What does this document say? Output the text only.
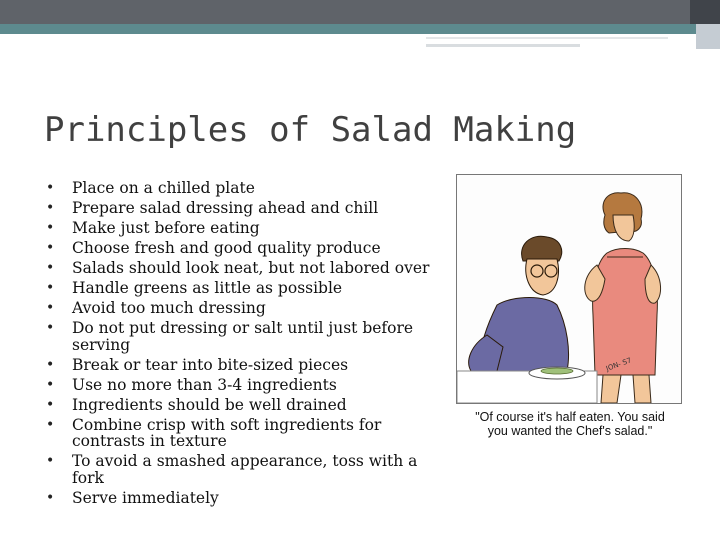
Principles of Salad Making
• Place on a chilled plate
• Prepare salad dressing ahead and chill
• Make just before eating
• Choose fresh and good quality produce
• Salads should look neat, but not labored over
• Handle greens as little as possible
• Avoid too much dressing
• Do not put dressing or salt until just before serving
• Break or tear into bite-sized pieces
• Use no more than 3-4 ingredients
• Ingredients should be well drained
• Combine crisp with soft ingredients for contrasts in texture
• To avoid a smashed appearance, toss with a fork
• Serve immediately
JON- S7
"Of course it's half eaten. You said
you wanted the Chef's salad."
